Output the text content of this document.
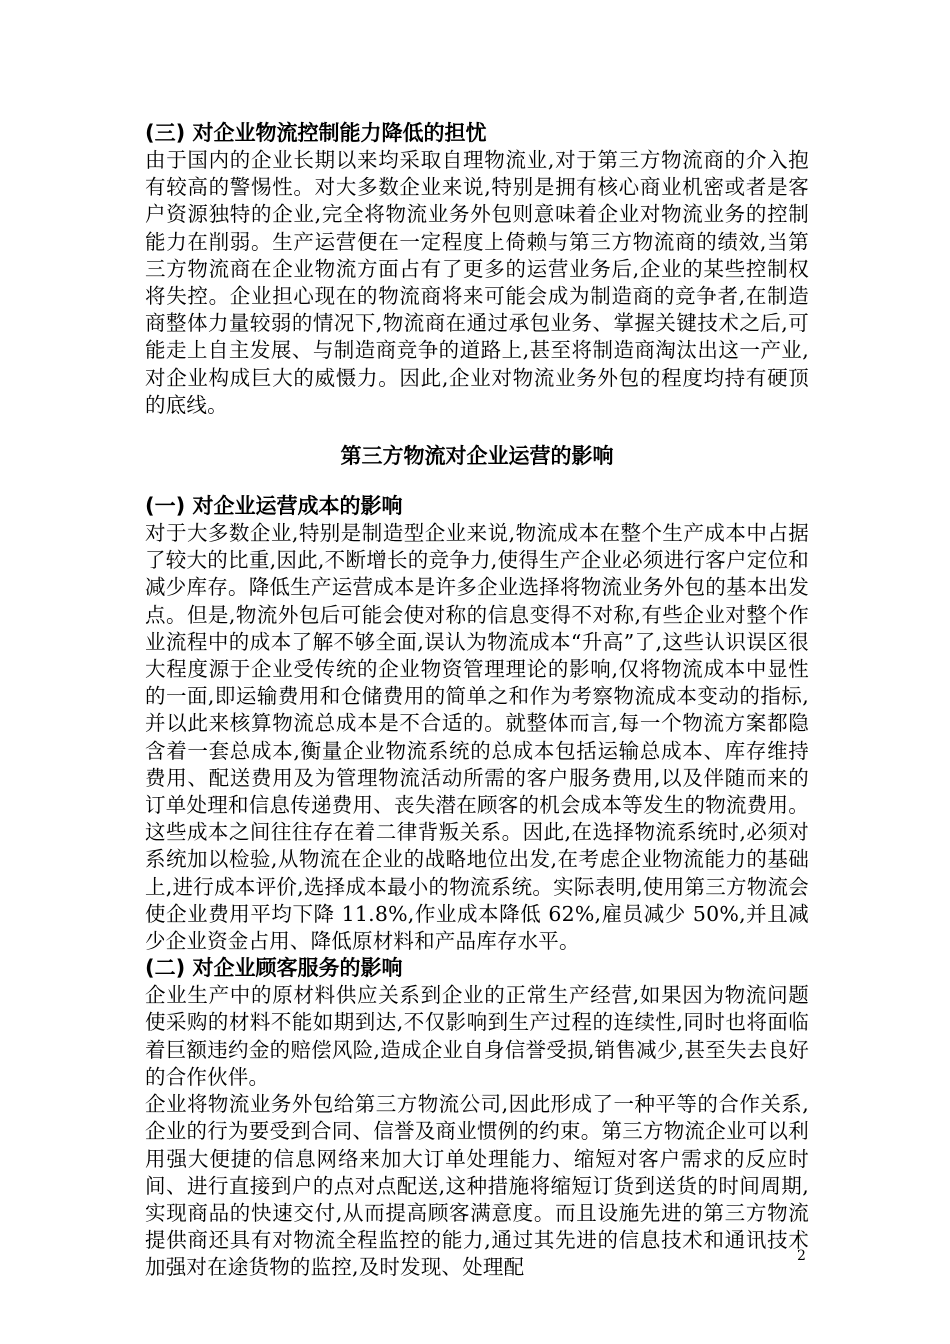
(三) 对企业物流控制能力降低的担忧

由于国内的企业长期以来均采取自理物流业,对于第三方物流商的介入抱有较高的警惕性。对大多数企业来说,特别是拥有核心商业机密或者是客户资源独特的企业,完全将物流业务外包则意味着企业对物流业务的控制能力在削弱。生产运营便在一定程度上倚赖与第三方物流商的绩效,当第三方物流商在企业物流方面占有了更多的运营业务后,企业的某些控制权将失控。企业担心现在的物流商将来可能会成为制造商的竞争者,在制造商整体力量较弱的情况下,物流商在通过承包业务、掌握关键技术之后,可能走上自主发展、与制造商竞争的道路上,甚至将制造商淘汰出这一产业,对企业构成巨大的威慑力。因此,企业对物流业务外包的程度均持有硬顶的底线。

第三方物流对企业运营的影响

(一) 对企业运营成本的影响

对于大多数企业,特别是制造型企业来说,物流成本在整个生产成本中占据了较大的比重,因此,不断增长的竞争力,使得生产企业必须进行客户定位和减少库存。降低生产运营成本是许多企业选择将物流业务外包的基本出发点。但是,物流外包后可能会使对称的信息变得不对称,有些企业对整个作业流程中的成本了解不够全面,误认为物流成本“升高”了,这些认识误区很大程度源于企业受传统的企业物资管理理论的影响,仅将物流成本中显性的一面,即运输费用和仓储费用的简单之和作为考察物流成本变动的指标,并以此来核算物流总成本是不合适的。就整体而言,每一个物流方案都隐含着一套总成本,衡量企业物流系统的总成本包括运输总成本、库存维持费用、配送费用及为管理物流活动所需的客户服务费用,以及伴随而来的订单处理和信息传递费用、丧失潜在顾客的机会成本等发生的物流费用。这些成本之间往往存在着二律背叛关系。因此,在选择物流系统时,必须对系统加以检验,从物流在企业的战略地位出发,在考虑企业物流能力的基础上,进行成本评价,选择成本最小的物流系统。实际表明,使用第三方物流会使企业费用平均下降 11.8%,作业成本降低 62%,雇员减少 50%,并且减少企业资金占用、降低原材料和产品库存水平。

(二) 对企业顾客服务的影响

企业生产中的原材料供应关系到企业的正常生产经营,如果因为物流问题使采购的材料不能如期到达,不仅影响到生产过程的连续性,同时也将面临着巨额违约金的赔偿风险,造成企业自身信誉受损,销售减少,甚至失去良好的合作伙伴。

企业将物流业务外包给第三方物流公司,因此形成了一种平等的合作关系,企业的行为要受到合同、信誉及商业惯例的约束。第三方物流企业可以利用强大便捷的信息网络来加大订单处理能力、缩短对客户需求的反应时间、进行直接到户的点对点配送,这种措施将缩短订货到送货的时间周期,实现商品的快速交付,从而提高顾客满意度。而且设施先进的第三方物流提供商还具有对物流全程监控的能力,通过其先进的信息技术和通讯技术加强对在途货物的监控,及时发现、处理配	2
